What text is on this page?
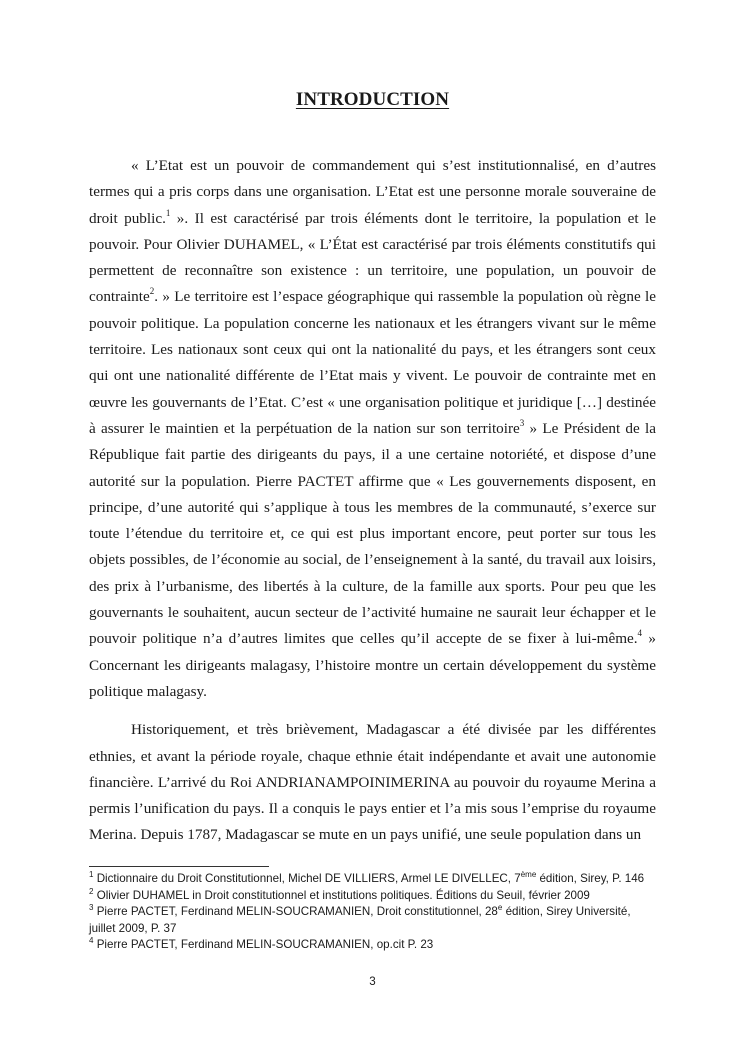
INTRODUCTION

« L’Etat est un pouvoir de commandement qui s’est institutionnalisé, en d’autres termes qui a pris corps dans une organisation. L’Etat est une personne morale souveraine de droit public.$^1$ ». Il est caractérisé par trois éléments dont le territoire, la population et le pouvoir. Pour Olivier DUHAMEL, « L’État est caractérisé par trois éléments constitutifs qui permettent de reconnaître son existence : un territoire, une population, un pouvoir de contrainte$^2$. » Le territoire est l’espace géographique qui rassemble la population où règne le pouvoir politique. La population concerne les nationaux et les étrangers vivant sur le même territoire. Les nationaux sont ceux qui ont la nationalité du pays, et les étrangers sont ceux qui ont une nationalité différente de l’Etat mais y vivent. Le pouvoir de contrainte met en œuvre les gouvernants de l’Etat. C’est « une organisation politique et juridique […] destinée à assurer le maintien et la perpétuation de la nation sur son territoire$^3$ » Le Président de la République fait partie des dirigeants du pays, il a une certaine notoriété, et dispose d’une autorité sur la population. Pierre PACTET affirme que « Les gouvernements disposent, en principe, d’une autorité qui s’applique à tous les membres de la communauté, s’exerce sur toute l’étendue du territoire et, ce qui est plus important encore, peut porter sur tous les objets possibles, de l’économie au social, de l’enseignement à la santé, du travail aux loisirs, des prix à l’urbanisme, des libertés à la culture, de la famille aux sports. Pour peu que les gouvernants le souhaitent, aucun secteur de l’activité humaine ne saurait leur échapper et le pouvoir politique n’a d’autres limites que celles qu’il accepte de se fixer à lui-même.$^4$ » Concernant les dirigeants malagasy, l’histoire montre un certain développement du système politique malagasy.

Historiquement, et très brièvement, Madagascar a été divisée par les différentes ethnies, et avant la période royale, chaque ethnie était indépendante et avait une autonomie financière. L’arrivé du Roi ANDRIANAMPOINIMERINA au pouvoir du royaume Merina a permis l’unification du pays. Il a conquis le pays entier et l’a mis sous l’emprise du royaume Merina. Depuis 1787, Madagascar se mute en un pays unifié, une seule population dans un

$^1$ Dictionnaire du Droit Constitutionnel, Michel DE VILLIERS, Armel LE DIVELLEC, 7ème édition, Sirey, P. 146

$^2$ Olivier DUHAMEL in Droit constitutionnel et institutions politiques. Éditions du Seuil, février 2009

$^3$ Pierre PACTET, Ferdinand MELIN-SOUCRAMANIEN, Droit constitutionnel, 28e édition, Sirey Université, juillet 2009, P. 37

$^4$ Pierre PACTET, Ferdinand MELIN-SOUCRAMANIEN, op.cit P. 23

3
